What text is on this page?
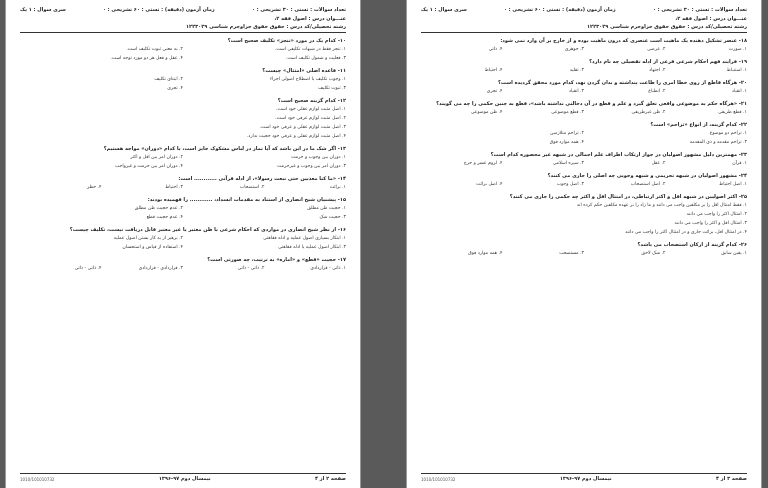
تعداد سوالات : تستی : ۳۰ تشریحی : ۰
زمان آزمون (دقیقه) : تستی : ۶۰ تشریحی : ۰
سری سوال : ۱ یک
عنـــوان درس : اصول فقه ۲،
رشته تحصیلی/کد درس : حقوق حقوق جزاوجرم شناسی ۱۲۲۳۰۲۹
۱۰- کدام یک در مورد «تنجز» تکلیف صحیح است؟
۱. تنجز فقط در شبهات تکلیفی است.
۲. به معنی ثبوت تکلیف است.
۳. فعلیت و شمول تکلیف است.
۴. عقل و فعل هر دو مورد توجه است.
۱۱- قاعده اصلی «امتثال» چیست؟
۱. وجوب تکلیف با اصطلاح اصولی اجزاء
۲. ابتنای تکلیف
۳. ثبوت تکلیف
۴. تجری
۱۲- کدام گزینه صحیح است؟
۱. اصل مثبت لوازم عقلی خود است.
۲. اصل مثبت لوازم عرفی خود است.
۳. اصل مثبت لوازم عقلی و عرفی خود است.
۴. اصل مثبت لوازم عقلی و عرفی خود حجیت ندارد.
۱۳- اگر شک ما در این باشد که آیا نماز در لباس مشکوک جایز است، با کدام «دوران» مواجه هستیم؟
۱. دوران بین وجوب و حرمت
۲. دوران امر بین اقل و اکثر
۳. دوران امر بین وجوب و غیرحرمت
۴. دوران امر بین حرمت و غیرواجب
۱۴- «ما کنا معذبین حتی نبعث رسولا»، از ادله قرآنی ............ است:
۱. برائت
۲. استصحاب
۳. احتیاط
۴. حظر
۱۵- پیشنیان شیخ انصاری از استناد به مقدمات انسداد، ............ را فهمیده بودند:
۱. حجیت ظن مطلق
۲. عدم حجیت ظن مطلق
۳. حجیت شک
۴. عدم حجیت قطع
۱۶- از نظر شیخ انصاری در مواردی که احکام شرعی با ظن معتبر یا غیر معتبر قابل دریافت نیست، تکلیف چیست؟
۱. ابتکار بسیاری اصول عملیه و ادله فقاهتی
۲. برهیز از به کار بستن اصول عملیه
۳. ابتکار اصول عملیه یا ادله فقاهتی
۴. استفاده از قیاس و استحسان
۱۷- حجیت «قطع» و «اماره» به ترتیب، چه صورتی است؟
۱. ذاتی - قراردادی
۲. ذاتی - ذاتی
۳. قراردادی - قراردادی
۴. ذاتی - ذاتی
صفحه ۲ از ۴
نیمسال دوم ۹۷-۱۳۹۶
1010/101010732
تعداد سوالات : تستی : ۳۰ تشریحی : ۰
زمان آزمون (دقیقه) : تستی : ۶۰ تشریحی : ۰
سری سوال : ۱ یک
عنـــوان درس : اصول فقه ۲،
رشته تحصیلی/کد درس : حقوق حقوق جزاوجرم شناسی ۱۲۲۳۰۲۹
۱۸- عنصر تشکیل دهنده یک ماهیت است عنصری که درون ماهیت بوده و از خارج بر آن وارد نمی شود:
۱. صورت
۲. عرضی
۳. جوهری
۴. ذاتی
۱۹- فرایند فهم احکام شرعی فرعی از ادله تفصیلی چه نام دارد؟
۱. استنباط
۲. اجتهاد
۳. تقلید
۴. احتیاط
۲۰- هرگاه قاطع از روی خطا امری را طاعت پنداشته و بدان گردن نهد، کدام مورد محقق گردیده است؟
۱. انقیاد
۲. انطباع
۳. انقیاد
۴. تجری
۲۱- «هرگاه حکم به موضوعی واقعی تعلق گیرد و علم و قطع در آن دخالتی نداشته باشد»، قطع به چنین حکمی را چه می گویند؟
۱. قطع طریقی
۲. ظن غیرطریقی
۳. قطع موضوعی
۴. ظن موضوعی
۲۲- کدام گزینه، از انواع «تزاحم» است؟
۱. تزاحم دو موضوع
۲. تزاحم متلازمین
۳. تزاحم مقدمه و ذی المقدمه
۴. همه موارد فوق
۲۳- مهمترین دلیل مشهور اصولیان در جواز ارتکاب اطراف علم اجمالی در شبهه غیر محصوره کدام است؟
۱. قرآن
۲. عقل
۳. سیره اسلامی
۴. لزوم عسر و حرج
۲۴- مشهور اصولیان در شبهه تحریمی و شبهه وجوبی چه اصلی را جاری می کنند؟
۱. اصل احتیاط
۲. اصل استصحاب
۳. اصل وجوب
۴. اصل برائت
۲۵- اکثر اصولیین در شبهه اقل و اکثر ارتباطی، در امتثال اقل و اکثر چه حکمی را جاری می کنند؟
۱. فقط امتثال اقل را بر مکلفین واجب می دانند و ما زاد را بر عهده مکلفین حکم کرده اند
۲. امتثال اکثر را واجب می دانند
۳. امتثال اقل و اکثر را واجب می دانند
۴. در امتثال اقل، برائت جاری و در امتثال اکثر را واجب می دانند
۲۶- کدام گزینه از ارکان استصحاب می باشد؟
۱. یقین سابق
۲. شک لاحق
۳. مستصحب
۴. همه موارد فوق
صفحه ۳ از ۴
نیمسال دوم ۹۷-۱۳۹۶
1010/101010732
